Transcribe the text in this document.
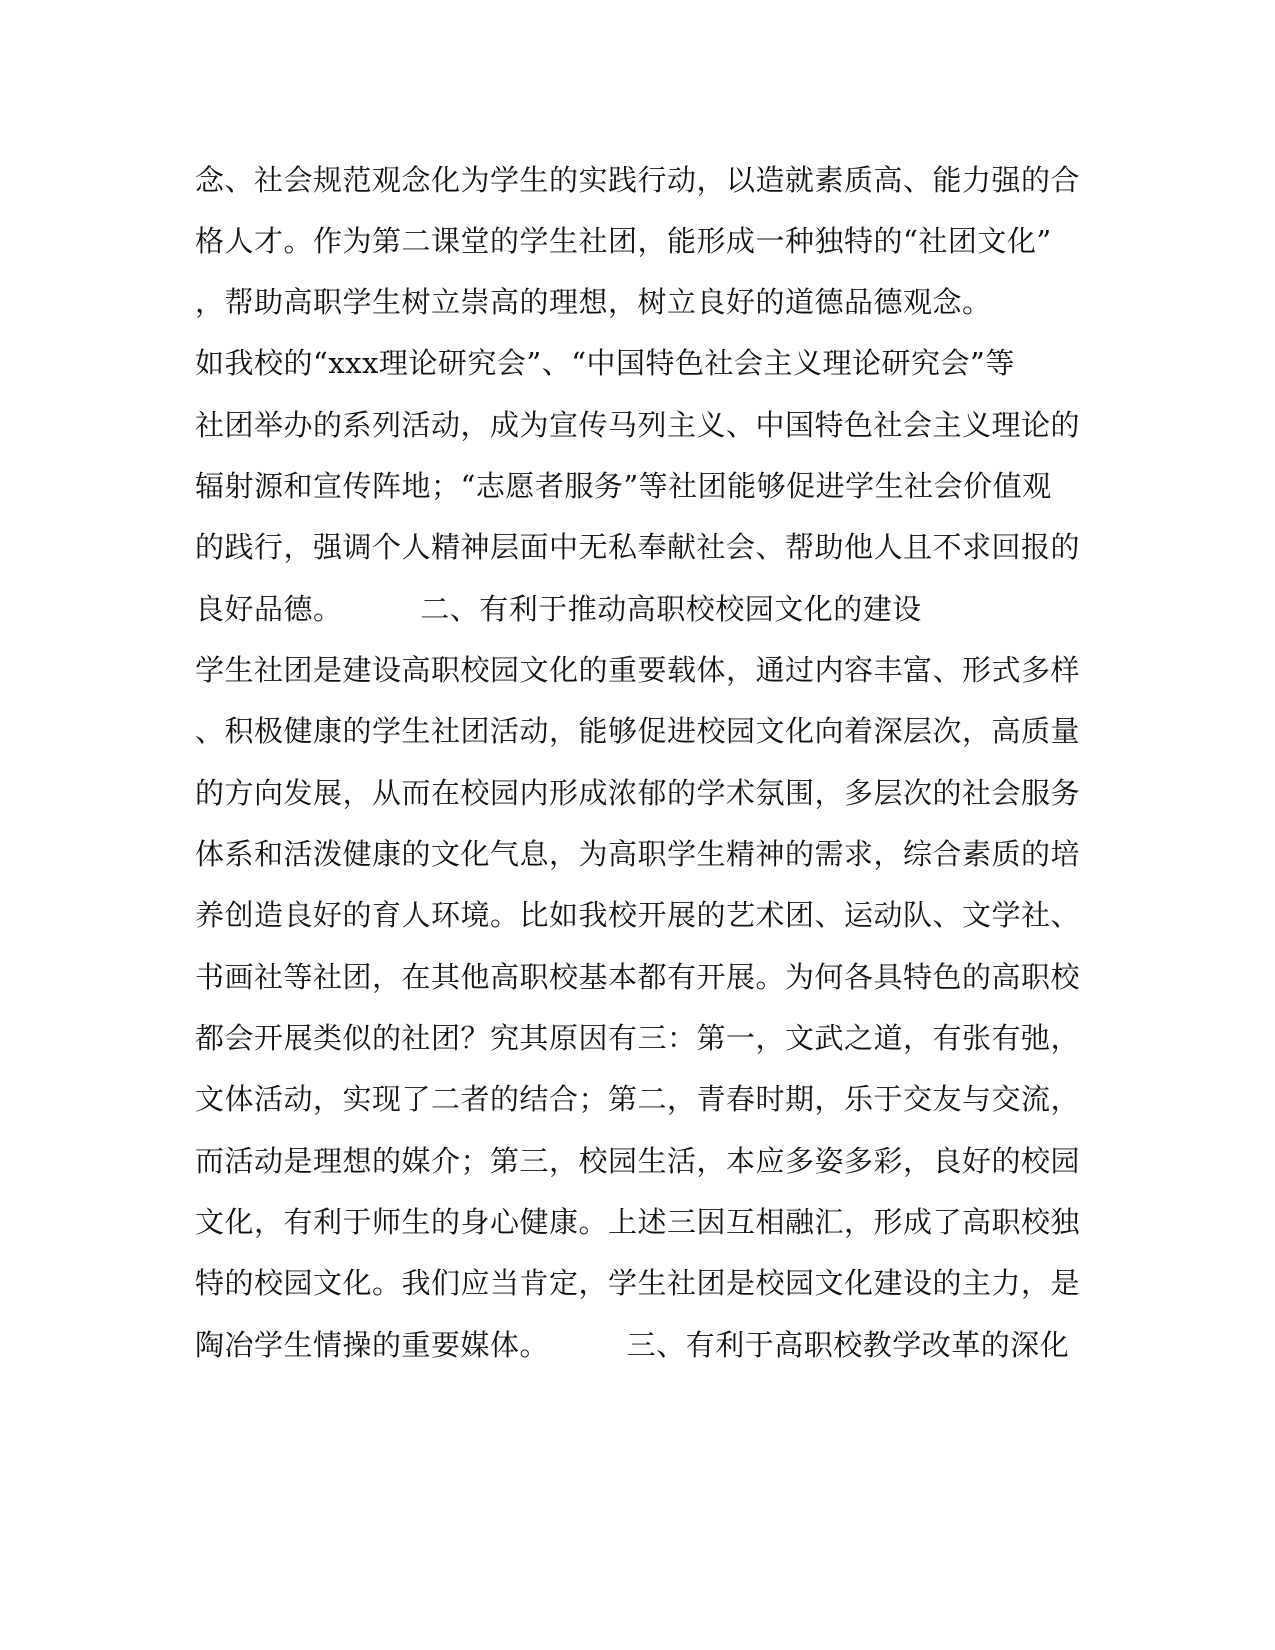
念、社会规范观念化为学生的实践行动，以造就素质高、能力强的合
格人才。作为第二课堂的学生社团，能形成一种独特的“社团文化”
，帮助高职学生树立崇高的理想，树立良好的道德品德观念。
如我校的“xxx理论研究会”、“中国特色社会主义理论研究会”等
社团举办的系列活动，成为宣传马列主义、中国特色社会主义理论的
辐射源和宣传阵地；“志愿者服务”等社团能够促进学生社会价值观
的践行，强调个人精神层面中无私奉献社会、帮助他人且不求回报的
良好品德。        二、有利于推动高职校校园文化的建设
学生社团是建设高职校园文化的重要载体，通过内容丰富、形式多样
、积极健康的学生社团活动，能够促进校园文化向着深层次，高质量
的方向发展，从而在校园内形成浓郁的学术氛围，多层次的社会服务
体系和活泼健康的文化气息，为高职学生精神的需求，综合素质的培
养创造良好的育人环境。比如我校开展的艺术团、运动队、文学社、
书画社等社团，在其他高职校基本都有开展。为何各具特色的高职校
都会开展类似的社团？究其原因有三：第一，文武之道，有张有弛，
文体活动，实现了二者的结合；第二，青春时期，乐于交友与交流，
而活动是理想的媒介；第三，校园生活，本应多姿多彩，良好的校园
文化，有利于师生的身心健康。上述三因互相融汇，形成了高职校独
特的校园文化。我们应当肯定，学生社团是校园文化建设的主力，是
陶冶学生情操的重要媒体。        三、有利于高职校教学改革的深化
